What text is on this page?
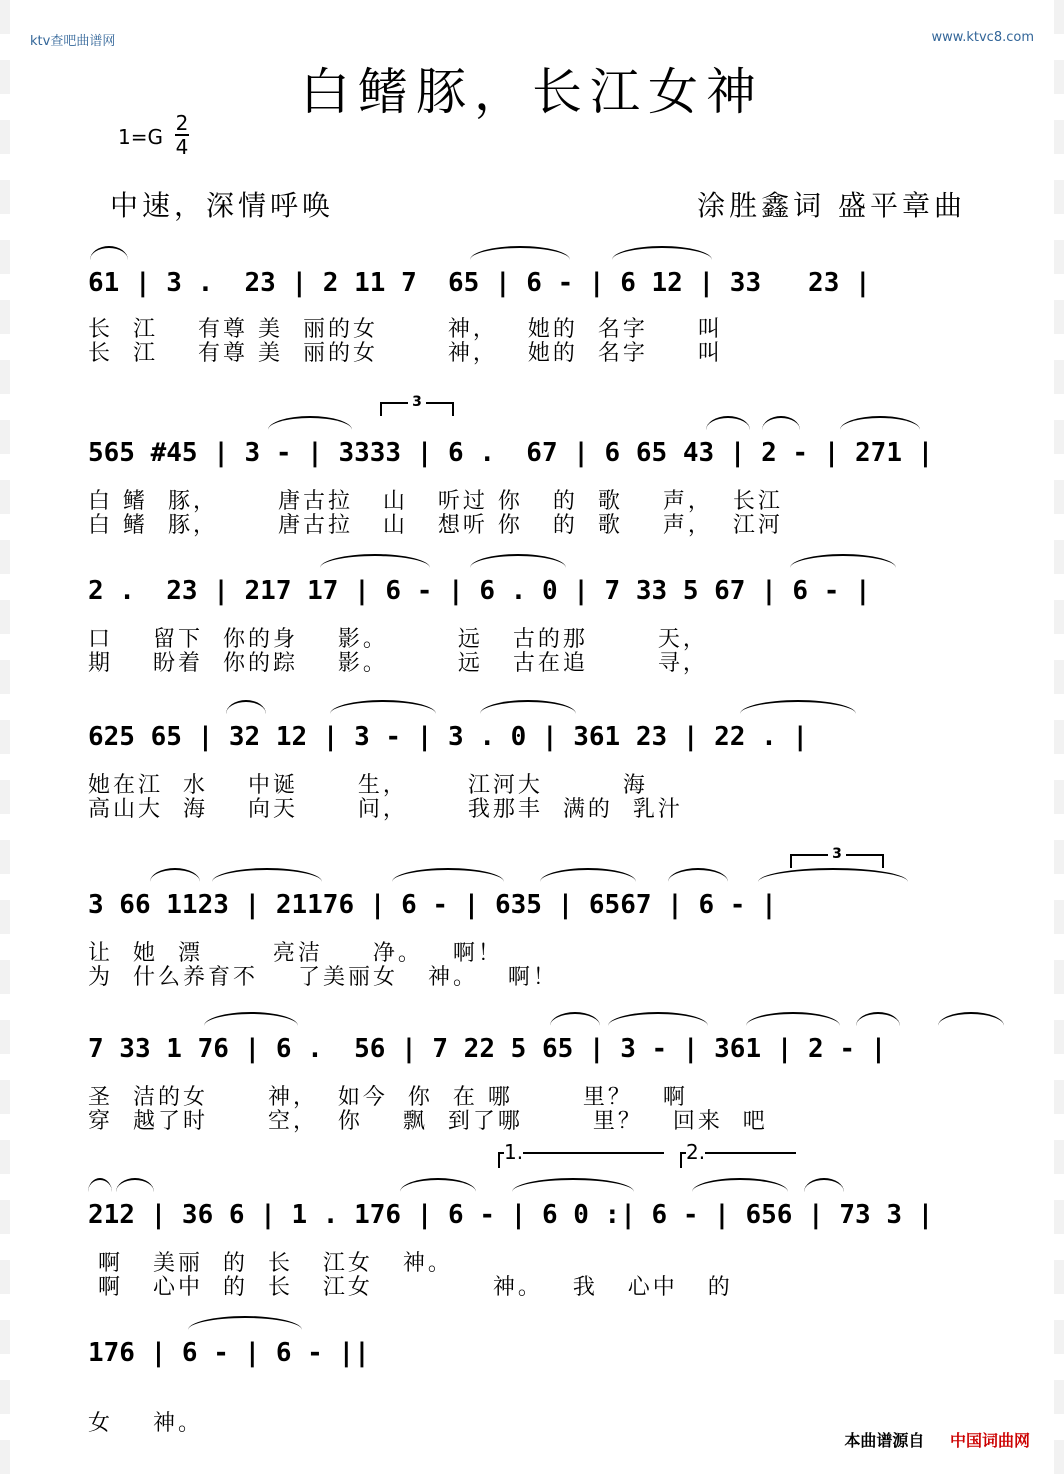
ktv查吧曲谱网	www.ktvc8.com
白鳍豚，长江女神
1=G
2
4
中速，深情呼唤	涂胜鑫词 盛平章曲
61 | 3 .  23 | 2 11 7  65 | 6 - | 6 12 | 33   23 |
长  江    有尊 美  丽的女       神，   她的  名字     叫
长  江    有尊 美  丽的女       神，   她的  名字     叫
565 #45 | 3 - | 3333 | 6 .  67 | 6 65 43 | 2 - | 271 |
3
白 鳍  豚，      唐古拉   山   听过 你   的  歌    声，  长江
白 鳍  豚，      唐古拉   山   想听 你   的  歌    声，  江河
2 .  23 | 217 17 | 6 - | 6 . 0 | 7 33 5 67 | 6 - |
口    留下  你的身    影。       远   古的那       天，
期    盼着  你的踪    影。       远   古在追       寻，
625 65 | 32 12 | 3 - | 3 . 0 | 361 23 | 22 . |
她在江  水    中诞      生，      江河大        海
高山大  海    向天      问，      我那丰  满的  乳汁
3 66 1123 | 21176 | 6 - | 635 | 6567 | 6 - |
3
让  她  漂       亮洁     净。   啊！
为  什么养育不    了美丽女   神。   啊！
7 33 1 76 | 6 .  56 | 7 22 5 65 | 3 - | 361 | 2 - |
圣  洁的女      神，  如今  你  在 哪       里？   啊
穿  越了时      空，  你    飘  到了哪       里？   回来  吧
212 | 36 6 | 1 . 176 | 6 - | 6 0 :| 6 - | 656 | 73 3 |
1.	2.
啊   美丽  的  长   江女   神。
啊   心中  的  长   江女            神。   我   心中   的
176 | 6 - | 6 - ||
女    神。
本曲谱源自 中国词曲网
